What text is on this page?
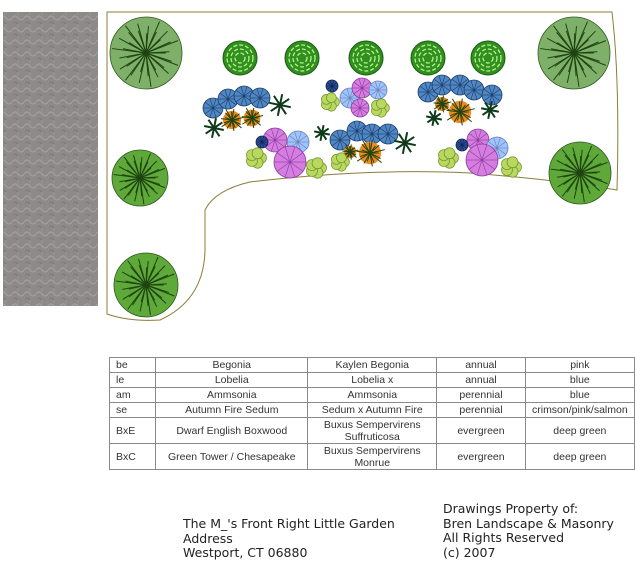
be	Begonia	Kaylen Begonia	annual	pink
le	Lobelia	Lobelia x	annual	blue
am	Ammsonia	Ammsonia	perennial	blue
se	Autumn Fire Sedum	Sedum x Autumn Fire	perennial	crimson/pink/salmon
BxE	Dwarf English Boxwood	Buxus Sempervirens Suffruticosa	evergreen	deep green
BxC	Green Tower / Chesapeake	Buxus Sempervirens Monrue	evergreen	deep green
The M_'s Front Right Little Garden
Address
Westport, CT 06880
Drawings Property of:
Bren Landscape & Masonry
All Rights Reserved
(c) 2007
